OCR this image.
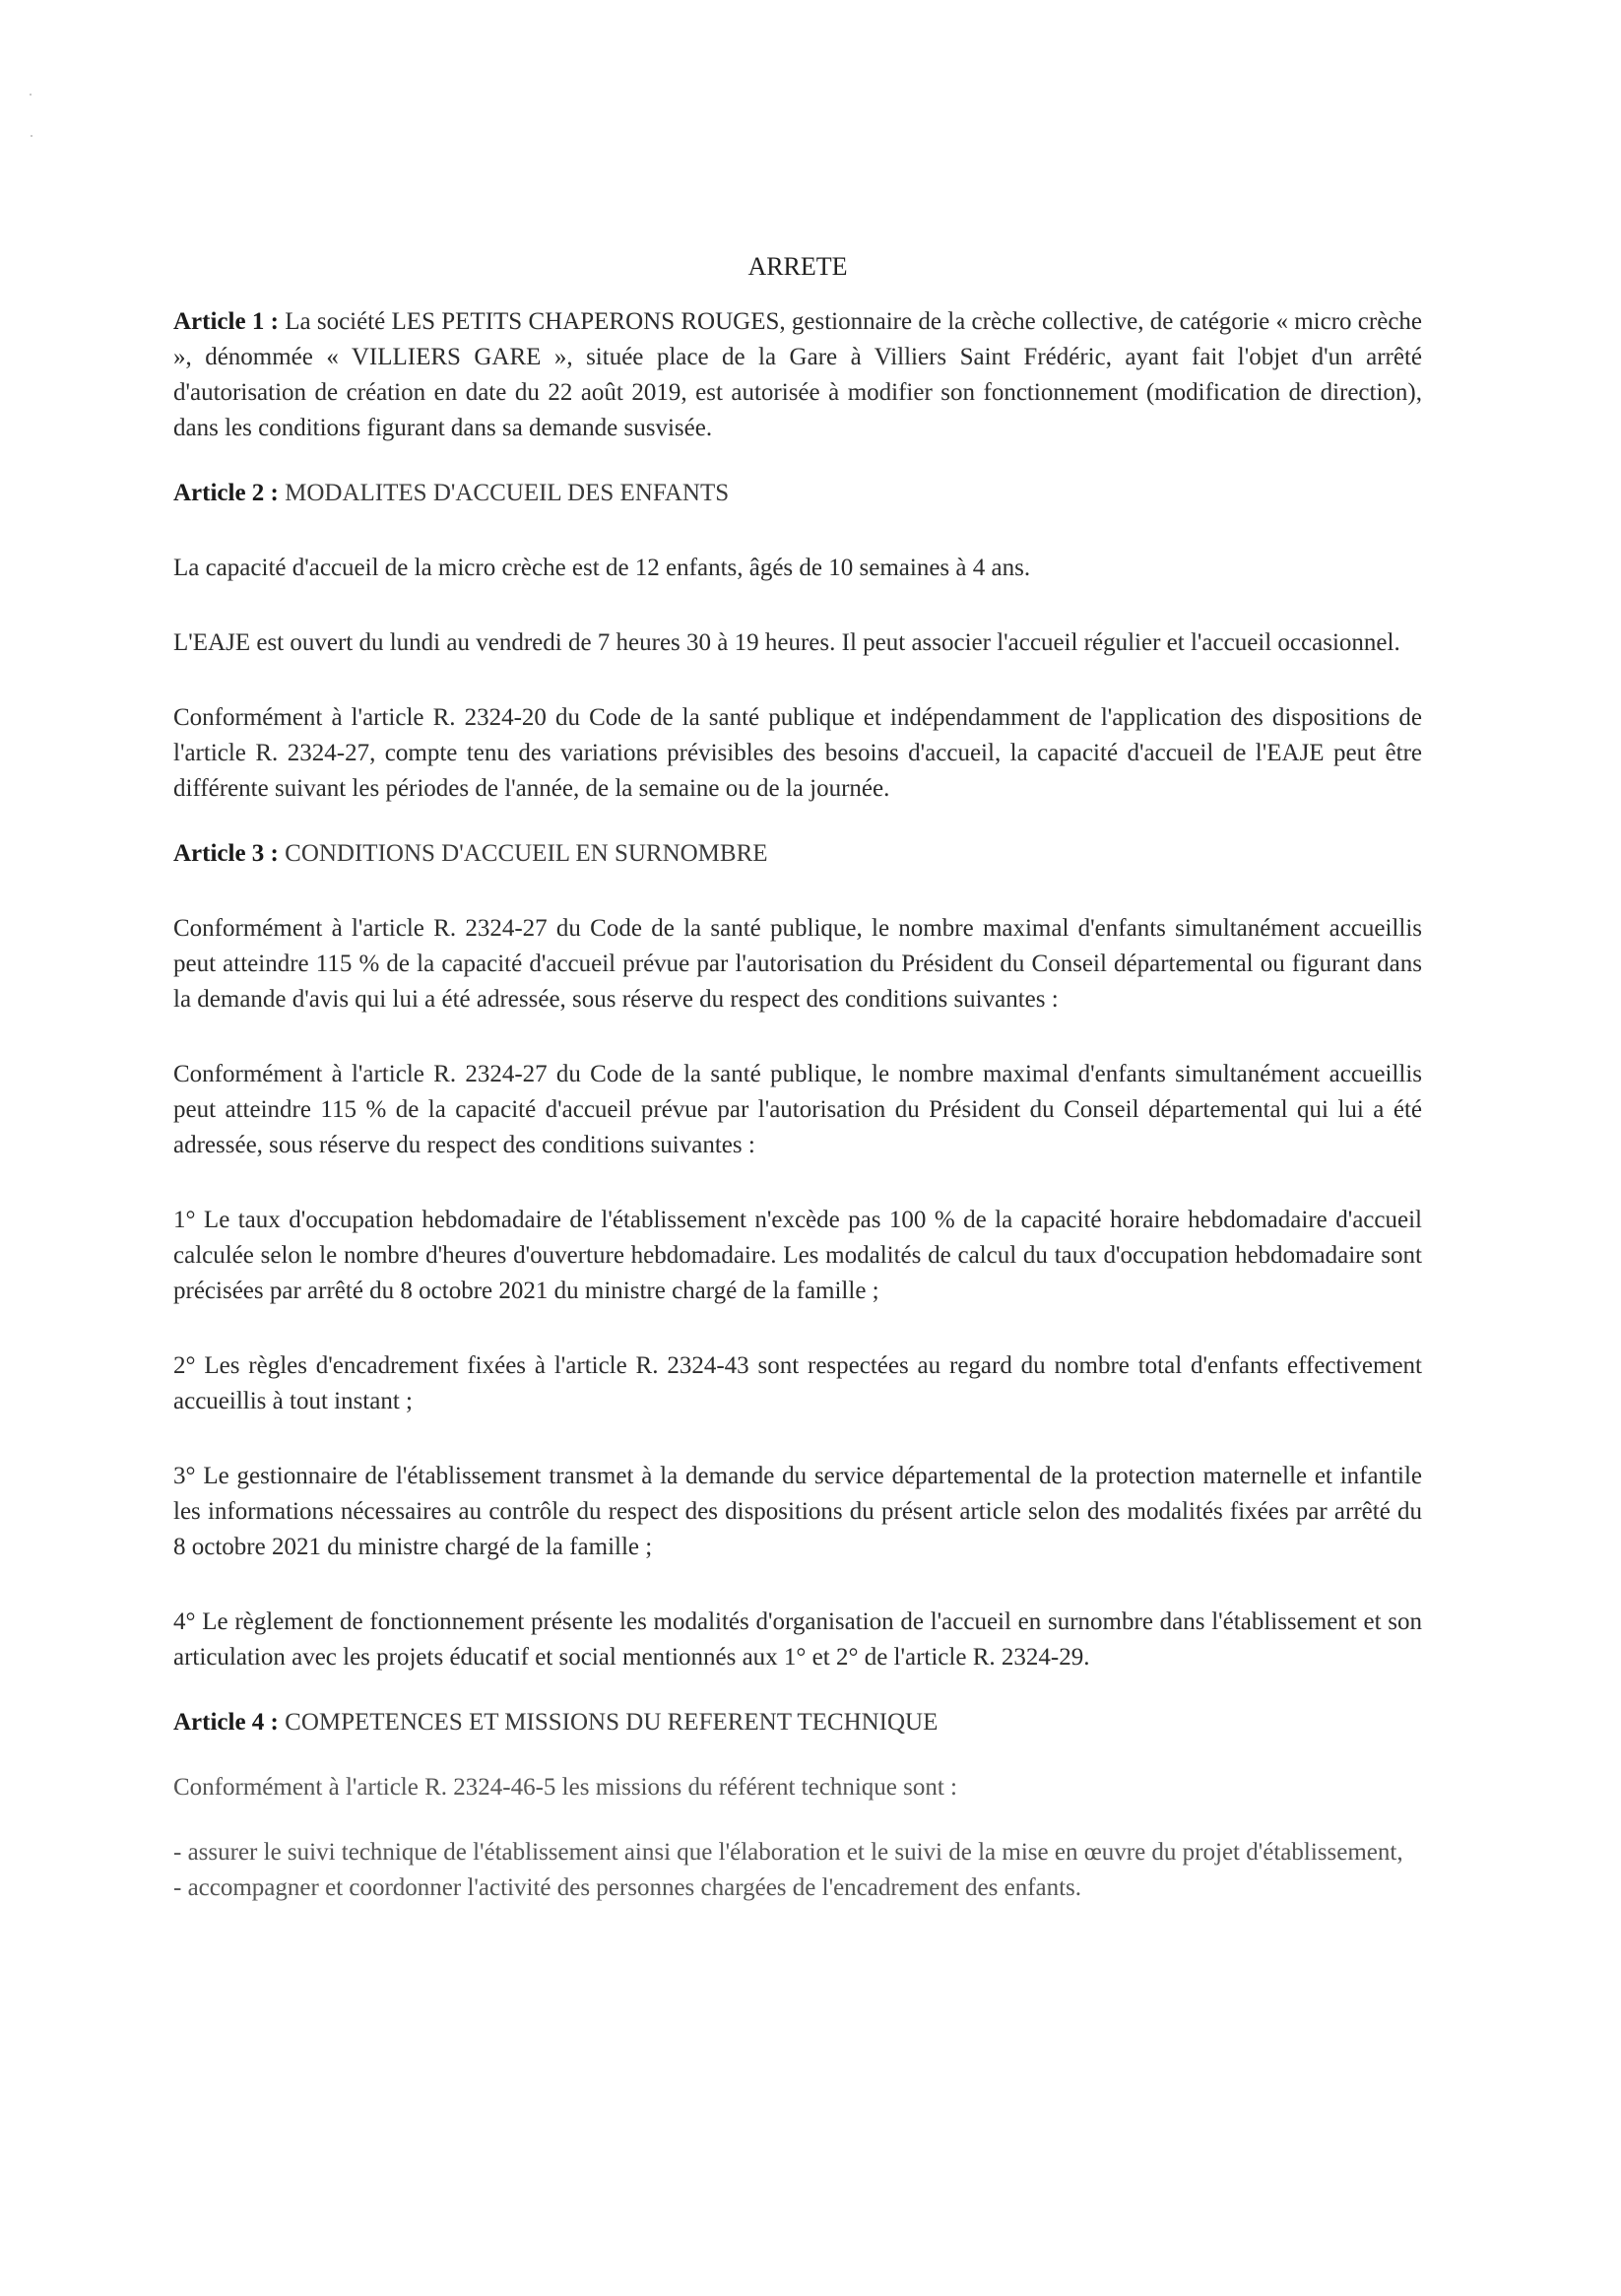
ARRETE

Article 1 : La société LES PETITS CHAPERONS ROUGES, gestionnaire de la crèche collective, de catégorie « micro crèche », dénommée « VILLIERS GARE », située place de la Gare à Villiers Saint Frédéric, ayant fait l'objet d'un arrêté d'autorisation de création en date du 22 août 2019, est autorisée à modifier son fonctionnement (modification de direction), dans les conditions figurant dans sa demande susvisée.

Article 2 : MODALITES D'ACCUEIL DES ENFANTS

La capacité d'accueil de la micro crèche est de 12 enfants, âgés de 10 semaines à 4 ans.

L'EAJE est ouvert du lundi au vendredi de 7 heures 30 à 19 heures. Il peut associer l'accueil régulier et l'accueil occasionnel.

Conformément à l'article R. 2324-20 du Code de la santé publique et indépendamment de l'application des dispositions de l'article R. 2324-27, compte tenu des variations prévisibles des besoins d'accueil, la capacité d'accueil de l'EAJE peut être différente suivant les périodes de l'année, de la semaine ou de la journée.

Article 3 : CONDITIONS D'ACCUEIL EN SURNOMBRE

Conformément à l'article R. 2324-27 du Code de la santé publique, le nombre maximal d'enfants simultanément accueillis peut atteindre 115 % de la capacité d'accueil prévue par l'autorisation du Président du Conseil départemental ou figurant dans la demande d'avis qui lui a été adressée, sous réserve du respect des conditions suivantes :

Conformément à l'article R. 2324-27 du Code de la santé publique, le nombre maximal d'enfants simultanément accueillis peut atteindre 115 % de la capacité d'accueil prévue par l'autorisation du Président du Conseil départemental qui lui a été adressée, sous réserve du respect des conditions suivantes :

1° Le taux d'occupation hebdomadaire de l'établissement n'excède pas 100 % de la capacité horaire hebdomadaire d'accueil calculée selon le nombre d'heures d'ouverture hebdomadaire. Les modalités de calcul du taux d'occupation hebdomadaire sont précisées par arrêté du 8 octobre 2021 du ministre chargé de la famille ;

2° Les règles d'encadrement fixées à l'article R. 2324-43 sont respectées au regard du nombre total d'enfants effectivement accueillis à tout instant ;

3° Le gestionnaire de l'établissement transmet à la demande du service départemental de la protection maternelle et infantile les informations nécessaires au contrôle du respect des dispositions du présent article selon des modalités fixées par arrêté du 8 octobre 2021 du ministre chargé de la famille ;

4° Le règlement de fonctionnement présente les modalités d'organisation de l'accueil en surnombre dans l'établissement et son articulation avec les projets éducatif et social mentionnés aux 1° et 2° de l'article R. 2324-29.

Article 4 : COMPETENCES ET MISSIONS DU REFERENT TECHNIQUE

Conformément à l'article R. 2324-46-5 les missions du référent technique sont :

- assurer le suivi technique de l'établissement ainsi que l'élaboration et le suivi de la mise en œuvre du projet d'établissement,

- accompagner et coordonner l'activité des personnes chargées de l'encadrement des enfants.
